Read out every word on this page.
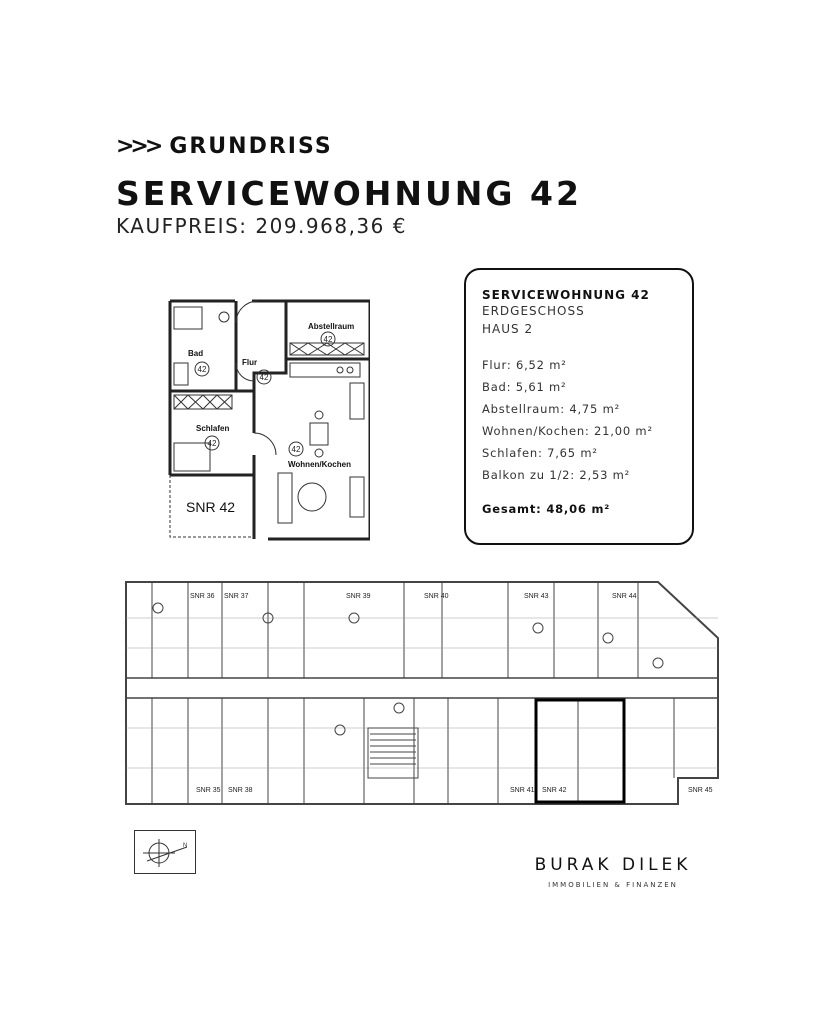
>>> GRUNDRISS
SERVICEWOHNUNG 42
KAUFPREIS: 209.968,36 €
Bad
Flur
Abstellraum
Schlafen
Wohnen/Kochen
42
42
42
42
42
SNR 42
SERVICEWOHNUNG 42
ERDGESCHOSS
HAUS 2
Flur: 6,52 m²
Bad: 5,61 m²
Abstellraum: 4,75 m²
Wohnen/Kochen: 21,00 m²
Schlafen: 7,65 m²
Balkon zu 1/2: 2,53 m²
Gesamt: 48,06 m²
SNR 36 SNR 37	SNR 39	SNR 40	SNR 43	SNR 44
SNR 35 SNR 38	SNR 41 SNR 42	SNR 45
N
BURAK DILEK
IMMOBILIEN & FINANZEN
